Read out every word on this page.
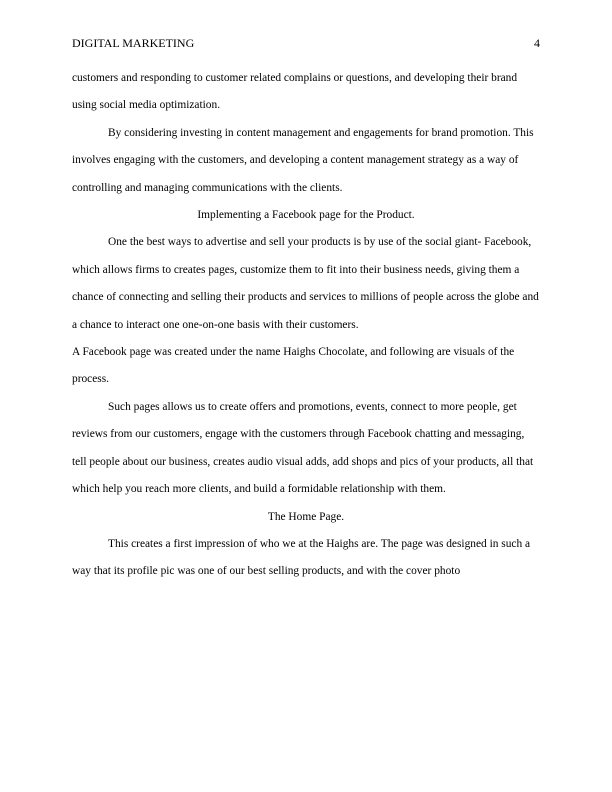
DIGITAL MARKETING	4

customers and responding to customer related complains or questions, and developing their brand using social media optimization.

By considering investing in content management and engagements for brand promotion. This involves engaging with the customers, and developing a content management strategy as a way of controlling and managing communications with the clients.

Implementing a Facebook page for the Product.

One the best ways to advertise and sell your products is by use of the social giant- Facebook, which allows firms to creates pages, customize them to fit into their business needs, giving them a chance of connecting and selling their products and services to millions of people across the globe and a chance to interact one one-on-one basis with their customers.

A Facebook page was created under the name Haighs Chocolate, and following are visuals of the process.

Such pages allows us to create offers and promotions, events, connect to more people, get reviews from our customers, engage with the customers through Facebook chatting and messaging, tell people about our business, creates audio visual adds, add shops and pics of your products, all that which help you reach more clients, and build a formidable relationship with them.

The Home Page.

This creates a first impression of who we at the Haighs are. The page was designed in such a way that its profile pic was one of our best selling products, and with the cover photo
